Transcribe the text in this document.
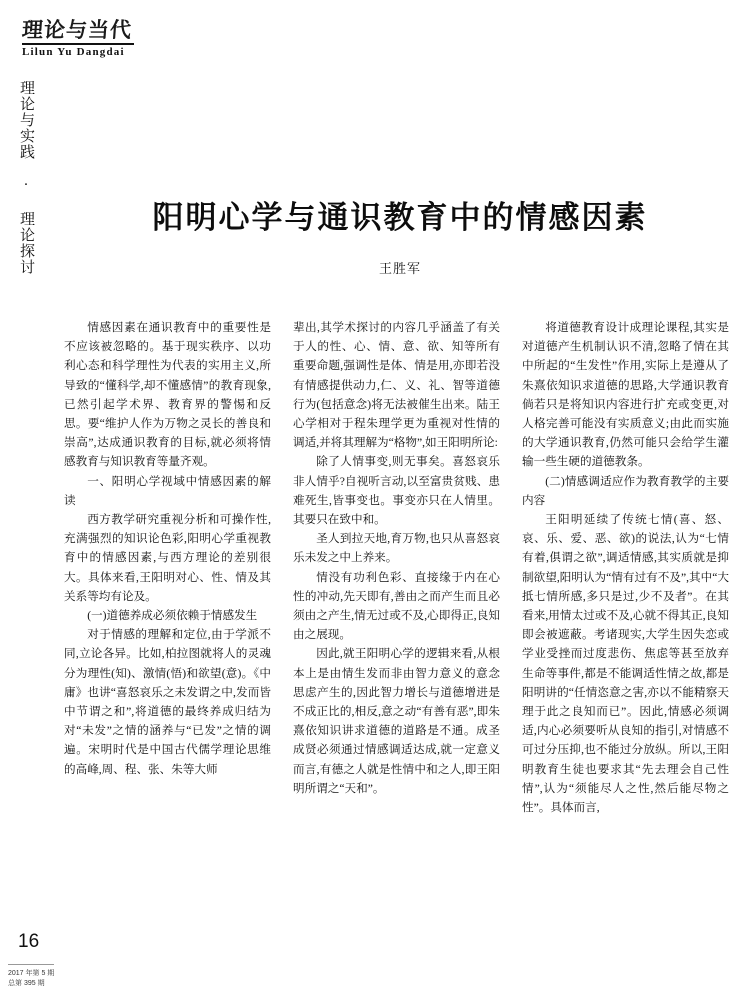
理论与当代
Lilun Yu Dangdai
理论与实践 · 理论探讨
16
2017 年第 5 期
总第 395 期
阳明心学与通识教育中的情感因素
王胜军

情感因素在通识教育中的重要性是不应该被忽略的。基于现实秩序、以功利心态和科学理性为代表的实用主义,所导致的“懂科学,却不懂感情”的教育现象,已然引起学术界、教育界的警惕和反思。要“维护人作为万物之灵长的善良和崇高”,达成通识教育的目标,就必须将情感教育与知识教育等量齐观。

一、阳明心学视域中情感因素的解读

西方教学研究重视分析和可操作性,充满强烈的知识论色彩,阳明心学重视教育中的情感因素,与西方理论的差别很大。具体来看,王阳明对心、性、情及其关系等均有论及。

(一)道德养成必须依赖于情感发生

对于情感的理解和定位,由于学派不同,立论各异。比如,柏拉图就将人的灵魂分为理性(知)、激情(悟)和欲望(意)。《中庸》也讲“喜怒哀乐之未发谓之中,发而皆中节谓之和”,将道德的最终养成归结为对“未发”之情的涵养与“已发”之情的调遍。宋明时代是中国古代儒学理论思维的高峰,周、程、张、朱等大师

辈出,其学术探讨的内容几乎涵盖了有关于人的性、心、情、意、欲、知等所有重要命题,强调性是体、情是用,亦即若没有情感提供动力,仁、义、礼、智等道德行为(包括意念)将无法被催生出来。陆王心学相对于程朱理学更为重视对性情的调适,并将其理解为“格物”,如王阳明所论:

除了人情事变,则无事矣。喜怒哀乐非人情乎?自视听言动,以至富贵贫贱、患难死生,皆事变也。事变亦只在人情里。其要只在致中和。

圣人到拉天地,育万物,也只从喜怒哀乐未发之中上养来。

情没有功利色彩、直接缘于内在心性的冲动,先天即有,善由之而产生而且必须由之产生,情无过或不及,心即得正,良知由之展现。

因此,就王阳明心学的逻辑来看,从根本上是由情生发而非由智力意义的意念思虑产生的,因此智力增长与道德增进是不成正比的,相反,意之动“有善有恶”,即朱熹依知识讲求道德的道路是不通。成圣成贤必须通过情感调适达成,就一定意义而言,有德之人就是性情中和之人,即王阳明所谓之“天和”。

将道德教育设计成理论课程,其实是对道德产生机制认识不清,忽略了情在其中所起的“生发性”作用,实际上是遵从了朱熹依知识求道德的思路,大学通识教育倘若只是将知识内容进行扩充或变更,对人格完善可能没有实质意义;由此而实施的大学通识教育,仍然可能只会给学生灌输一些生硬的道德教条。

(二)情感调适应作为教育教学的主要内容

王阳明延续了传统七情(喜、怒、哀、乐、爱、恶、欲)的说法,认为“七情有着,俱谓之欲”,调适情感,其实质就是抑制欲望,阳明认为“情有过有不及”,其中“大抵七情所感,多只是过,少不及者”。在其看来,用情太过或不及,心就不得其正,良知即会被遮蔽。考诸现实,大学生因失恋或学业受挫而过度悲伤、焦虑等甚至放弃生命等事件,都是不能调适性情之故,都是阳明讲的“任情恣意之害,亦以不能精察天理于此之良知而已”。因此,情感必须调适,内心必须要听从良知的指引,对情感不可过分压抑,也不能过分放纵。所以,王阳明教育生徒也要求其“先去理会自己性情”,认为“须能尽人之性,然后能尽物之性”。具体而言,
